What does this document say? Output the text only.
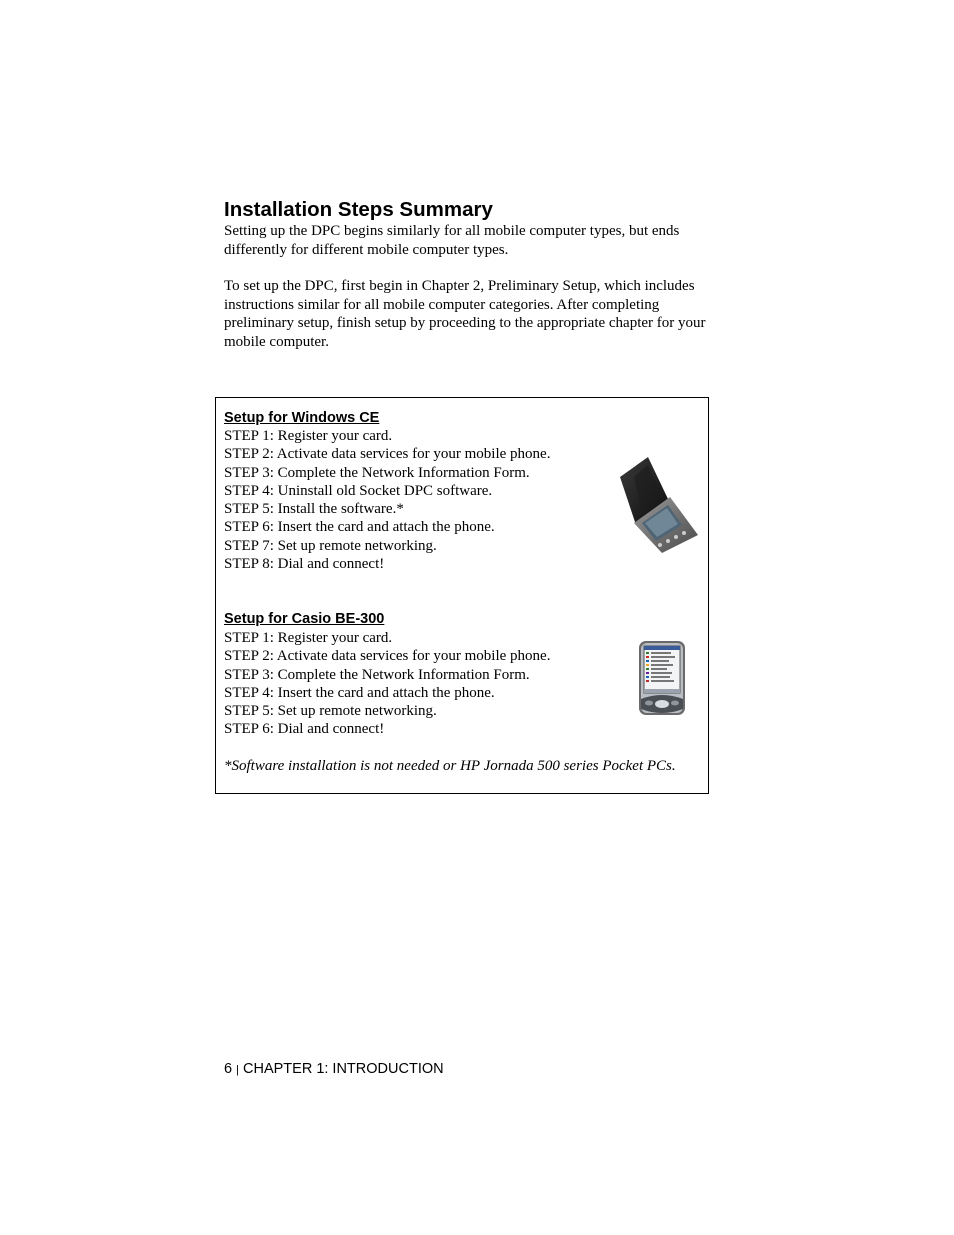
Installation Steps Summary

Setting up the DPC begins similarly for all mobile computer types, but ends differently for different mobile computer types.

To set up the DPC, first begin in Chapter 2, Preliminary Setup, which includes instructions similar for all mobile computer categories. After completing preliminary setup, finish setup by proceeding to the appropriate chapter for your mobile computer.

Setup for Windows CE
STEP 1: Register your card.
STEP 2: Activate data services for your mobile phone.
STEP 3: Complete the Network Information Form.
STEP 4: Uninstall old Socket DPC software.
STEP 5: Install the software.*
STEP 6: Insert the card and attach the phone.
STEP 7: Set up remote networking.
STEP 8: Dial and connect!
Setup for Casio BE-300
STEP 1: Register your card.
STEP 2: Activate data services for your mobile phone.
STEP 3: Complete the Network Information Form.
STEP 4: Insert the card and attach the phone.
STEP 5: Set up remote networking.
STEP 6: Dial and connect!

*Software installation is not needed or HP Jornada 500 series Pocket PCs.

6 | CHAPTER 1: INTRODUCTION
